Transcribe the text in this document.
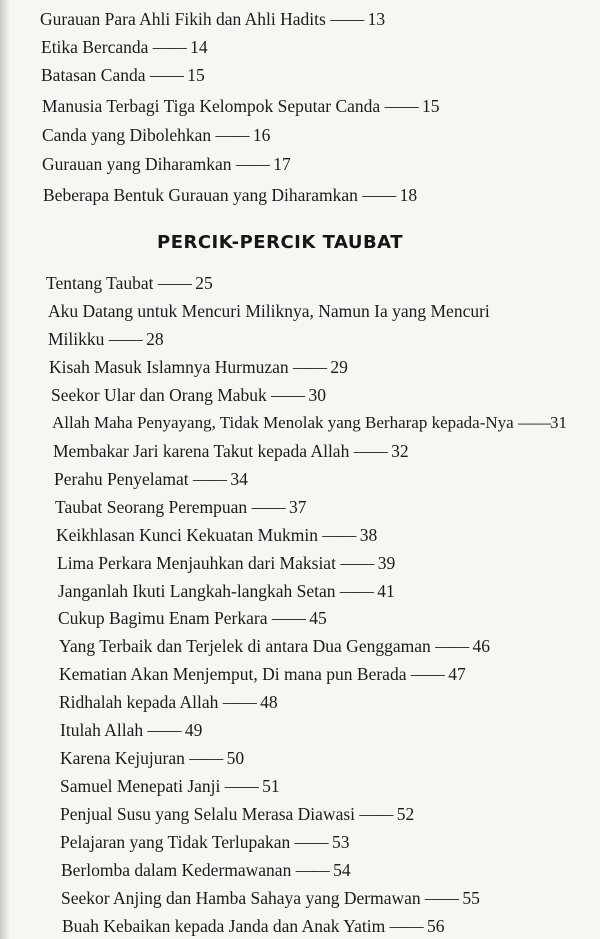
Gurauan Para Ahli Fikih dan Ahli Hadits —— 13
Etika Bercanda —— 14
Batasan Canda —— 15
Manusia Terbagi Tiga Kelompok Seputar Canda —— 15
Canda yang Dibolehkan —— 16
Gurauan yang Diharamkan —— 17
Beberapa Bentuk Gurauan yang Diharamkan —— 18
PERCIK-PERCIK TAUBAT
Tentang Taubat —— 25
Aku Datang untuk Mencuri Miliknya, Namun Ia yang Mencuri
Milikku —— 28
Kisah Masuk Islamnya Hurmuzan —— 29
Seekor Ular dan Orang Mabuk —— 30
Allah Maha Penyayang, Tidak Menolak yang Berharap kepada-Nya ——31
Membakar Jari karena Takut kepada Allah —— 32
Perahu Penyelamat —— 34
Taubat Seorang Perempuan —— 37
Keikhlasan Kunci Kekuatan Mukmin —— 38
Lima Perkara Menjauhkan dari Maksiat —— 39
Janganlah Ikuti Langkah-langkah Setan —— 41
Cukup Bagimu Enam Perkara —— 45
Yang Terbaik dan Terjelek di antara Dua Genggaman —— 46
Kematian Akan Menjemput, Di mana pun Berada —— 47
Ridhalah kepada Allah —— 48
Itulah Allah —— 49
Karena Kejujuran —— 50
Samuel Menepati Janji —— 51
Penjual Susu yang Selalu Merasa Diawasi —— 52
Pelajaran yang Tidak Terlupakan —— 53
Berlomba dalam Kedermawanan —— 54
Seekor Anjing dan Hamba Sahaya yang Dermawan —— 55
Buah Kebaikan kepada Janda dan Anak Yatim —— 56
